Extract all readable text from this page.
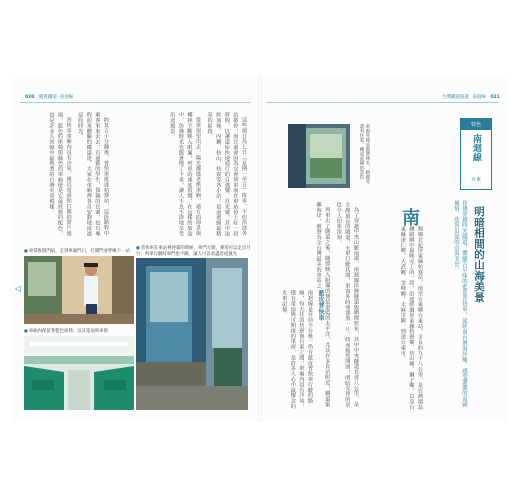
020 縱貫鐵道 ‧南迴線
◁

這些週日為七日（星期一至日）班車，不但沿途各站都停，而且還會因為交會列車而在車站停上好一段時間，以讓道給快速通行的自強號、莒光號，其中途經加祿、內獅、枋山、枋寮等各小站，是南迴線最精采的區段。

從車窗望出去，陽光灑進老舊車廂，遠方的海景與椰林不斷映入眼簾，列車的速度很慢，在這樣的旅途中，彷彿時光也跟著慢了下來，讓人不急不徐地享受沿途風景。

約莫五十分鐘後，普快車抵達枋寮站，這段路程中乘客來來去去，有通勤的學生、探親的長輩，也有專程前來體驗的鐵道迷，大家在車廂裡各自安靜地度過這段時光。

普快車車廂內沒有冷氣，僅以電扇和打開的窗戶通風，藍色的座椅與綠色的車廂壁是它最經典的配色，也是許多人回憶中最熟悉的台灣火車模樣。

●車掌推開門扇，走到車廂門口，打開門並呼喚下一站
●普快車在車站裡停靠的時候，車門大開，乘客可以走出月台；列車行駛時車門也不關，讓人可以看盡沿途風光
●車廂內保留著藍色座椅，以及電扇與車窗
台灣鐵道旅遊 南迴線 021
車窗外便是熱帶林木，路線旁還有住家，構成南國的景色	特色
南迴線
台東
明暗相間的山海美景
彷彿穿越時光隧道，體驗古早味的藍皮普快車。途經南台灣海岸線，感受濃濃的南國風情，欣賞沿途的山海美景。
南
迴線北起屏東縣枋寮站，南至台東縣台東站，全長約九十八公里，是台灣環島鐵路網中最晚完工的一段，沿途經過屏東縣枋寮鄉、枋山鄉、獅子鄉，以及台東縣達仁鄉、大武鄉、金峰鄉、太麻里鄉，到達台東市。

為了穿越中央山脈南端，南迴線沿線隧道與橋樑密布，其中中央隧道長達八公里，是全線最長的隧道，火車行駛其間，車窗外時而漆黑一片，時而豁然開朗，明暗交替的景色令人印象深刻。

列車出了隧道之後，隨即映入眼簾的便是湛藍的太平洋，尤其在多良站附近，鐵道緊鄰海岸，被譽為全台灣最美的車站之一。

藍皮普快車
南迴線是目前全台唯一仍有藍皮普快車行駛的路線，每天往返枋寮與台東之間，車廂內沒有冷氣，僅有電扇與可開啟的車窗，是許多人心中最懷念的火車記憶。
